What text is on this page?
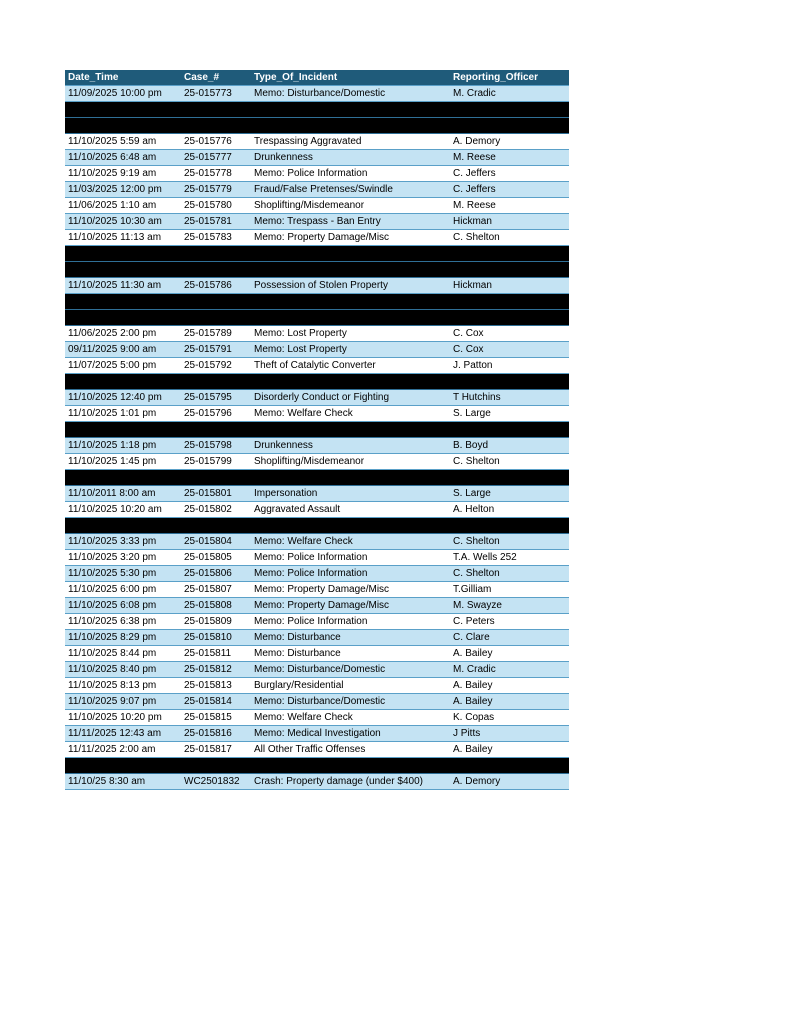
Date_Time	Case_#	Type_Of_Incident	Reporting_Officer
11/09/2025 10:00 pm	25-015773	Memo: Disturbance/Domestic	M. Cradic

11/10/2025 5:59 am	25-015776	Trespassing Aggravated	A. Demory
11/10/2025 6:48 am	25-015777	Drunkenness	M. Reese
11/10/2025 9:19 am	25-015778	Memo: Police Information	C. Jeffers
11/03/2025 12:00 pm	25-015779	Fraud/False Pretenses/Swindle	C. Jeffers
11/06/2025 1:10 am	25-015780	Shoplifting/Misdemeanor	M. Reese
11/10/2025 10:30 am	25-015781	Memo: Trespass - Ban Entry	Hickman
11/10/2025 11:13 am	25-015783	Memo: Property Damage/Misc	C. Shelton

11/10/2025 11:30 am	25-015786	Possession of Stolen Property	Hickman

11/06/2025 2:00 pm	25-015789	Memo: Lost Property	C. Cox
09/11/2025 9:00 am	25-015791	Memo: Lost Property	C. Cox
11/07/2025 5:00 pm	25-015792	Theft of Catalytic Converter	J. Patton

11/10/2025 12:40 pm	25-015795	Disorderly Conduct or Fighting	T Hutchins
11/10/2025 1:01 pm	25-015796	Memo: Welfare Check	S. Large

11/10/2025 1:18 pm	25-015798	Drunkenness	B. Boyd
11/10/2025 1:45 pm	25-015799	Shoplifting/Misdemeanor	C. Shelton

11/10/2011 8:00 am	25-015801	Impersonation	S. Large
11/10/2025 10:20 am	25-015802	Aggravated Assault	A. Helton

11/10/2025 3:33 pm	25-015804	Memo: Welfare Check	C. Shelton
11/10/2025 3:20 pm	25-015805	Memo: Police Information	T.A. Wells 252
11/10/2025 5:30 pm	25-015806	Memo: Police Information	C. Shelton
11/10/2025 6:00 pm	25-015807	Memo: Property Damage/Misc	T.Gilliam
11/10/2025 6:08 pm	25-015808	Memo: Property Damage/Misc	M. Swayze
11/10/2025 6:38 pm	25-015809	Memo: Police Information	C. Peters
11/10/2025 8:29 pm	25-015810	Memo: Disturbance	C. Clare
11/10/2025 8:44 pm	25-015811	Memo: Disturbance	A. Bailey
11/10/2025 8:40 pm	25-015812	Memo: Disturbance/Domestic	M. Cradic
11/10/2025 8:13 pm	25-015813	Burglary/Residential	A. Bailey
11/10/2025 9:07 pm	25-015814	Memo: Disturbance/Domestic	A. Bailey
11/10/2025 10:20 pm	25-015815	Memo: Welfare Check	K. Copas
11/11/2025 12:43 am	25-015816	Memo: Medical Investigation	J Pitts
11/11/2025 2:00 am	25-015817	All Other Traffic Offenses	A. Bailey

11/10/25 8:30 am	WC2501832	Crash: Property damage (under $400)	A. Demory
